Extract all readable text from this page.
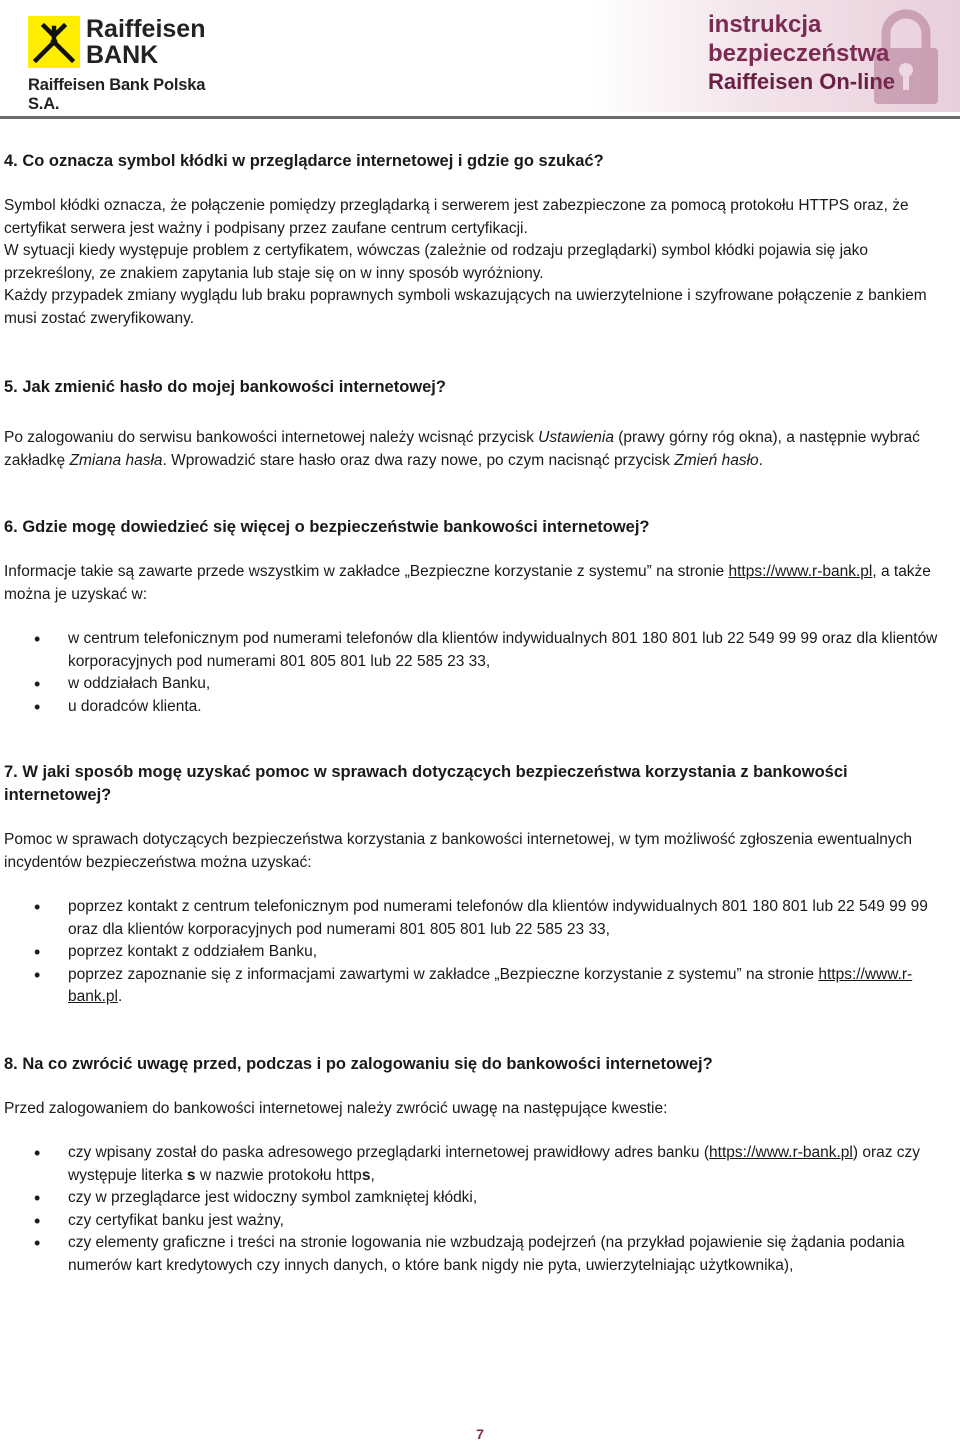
Raiffeisen
BANK
Raiffeisen Bank Polska S.A.
instrukcja
bezpieczeństwa
Raiffeisen On-line
4. Co oznacza symbol kłódki w przeglądarce internetowej i gdzie go szukać?

Symbol kłódki oznacza, że połączenie pomiędzy przeglądarką i serwerem jest zabezpieczone za pomocą protokołu HTTPS oraz, że certyfikat serwera jest ważny i podpisany przez zaufane centrum certyfikacji.

W sytuacji kiedy występuje problem z certyfikatem, wówczas (zależnie od rodzaju przeglądarki) symbol kłódki pojawia się jako przekreślony, ze znakiem zapytania lub staje się on w inny sposób wyróżniony.

Każdy przypadek zmiany wyglądu lub braku poprawnych symboli wskazujących na uwierzytelnione i szyfrowane połączenie z bankiem musi zostać zweryfikowany.

5. Jak zmienić hasło do mojej bankowości internetowej?

Po zalogowaniu do serwisu bankowości internetowej należy wcisnąć przycisk Ustawienia (prawy górny róg okna), a następnie wybrać zakładkę Zmiana hasła. Wprowadzić stare hasło oraz dwa razy nowe, po czym nacisnąć przycisk Zmień hasło.

6. Gdzie mogę dowiedzieć się więcej o bezpieczeństwie bankowości internetowej?

Informacje takie są zawarte przede wszystkim w zakładce „Bezpieczne korzystanie z systemu” na stronie https://www.r-bank.pl, a także można je uzyskać w:

• w centrum telefonicznym pod numerami telefonów dla klientów indywidualnych 801 180 801 lub 22 549 99 99 oraz dla klientów korporacyjnych pod numerami 801 805 801 lub 22 585 23 33,
• w oddziałach Banku,
• u doradców klienta.
7. W jaki sposób mogę uzyskać pomoc w sprawach dotyczących bezpieczeństwa korzystania z bankowości internetowej?

Pomoc w sprawach dotyczących bezpieczeństwa korzystania z bankowości internetowej, w tym możliwość zgłoszenia ewentualnych incydentów bezpieczeństwa można uzyskać:

• poprzez kontakt z centrum telefonicznym pod numerami telefonów dla klientów indywidualnych 801 180 801 lub 22 549 99 99 oraz dla klientów korporacyjnych pod numerami 801 805 801 lub 22 585 23 33,
• poprzez kontakt z oddziałem Banku,
• poprzez zapoznanie się z informacjami zawartymi w zakładce „Bezpieczne korzystanie z systemu” na stronie https://www.r-bank.pl.
8. Na co zwrócić uwagę przed, podczas i po zalogowaniu się do bankowości internetowej?

Przed zalogowaniem do bankowości internetowej należy zwrócić uwagę na następujące kwestie:

• czy wpisany został do paska adresowego przeglądarki internetowej prawidłowy adres banku (https://www.r-bank.pl) oraz czy występuje literka s w nazwie protokołu https,
• czy w przeglądarce jest widoczny symbol zamkniętej kłódki,
• czy certyfikat banku jest ważny,
• czy elementy graficzne i treści na stronie logowania nie wzbudzają podejrzeń (na przykład pojawienie się żądania podania numerów kart kredytowych czy innych danych, o które bank nigdy nie pyta, uwierzytelniając użytkownika),
7
